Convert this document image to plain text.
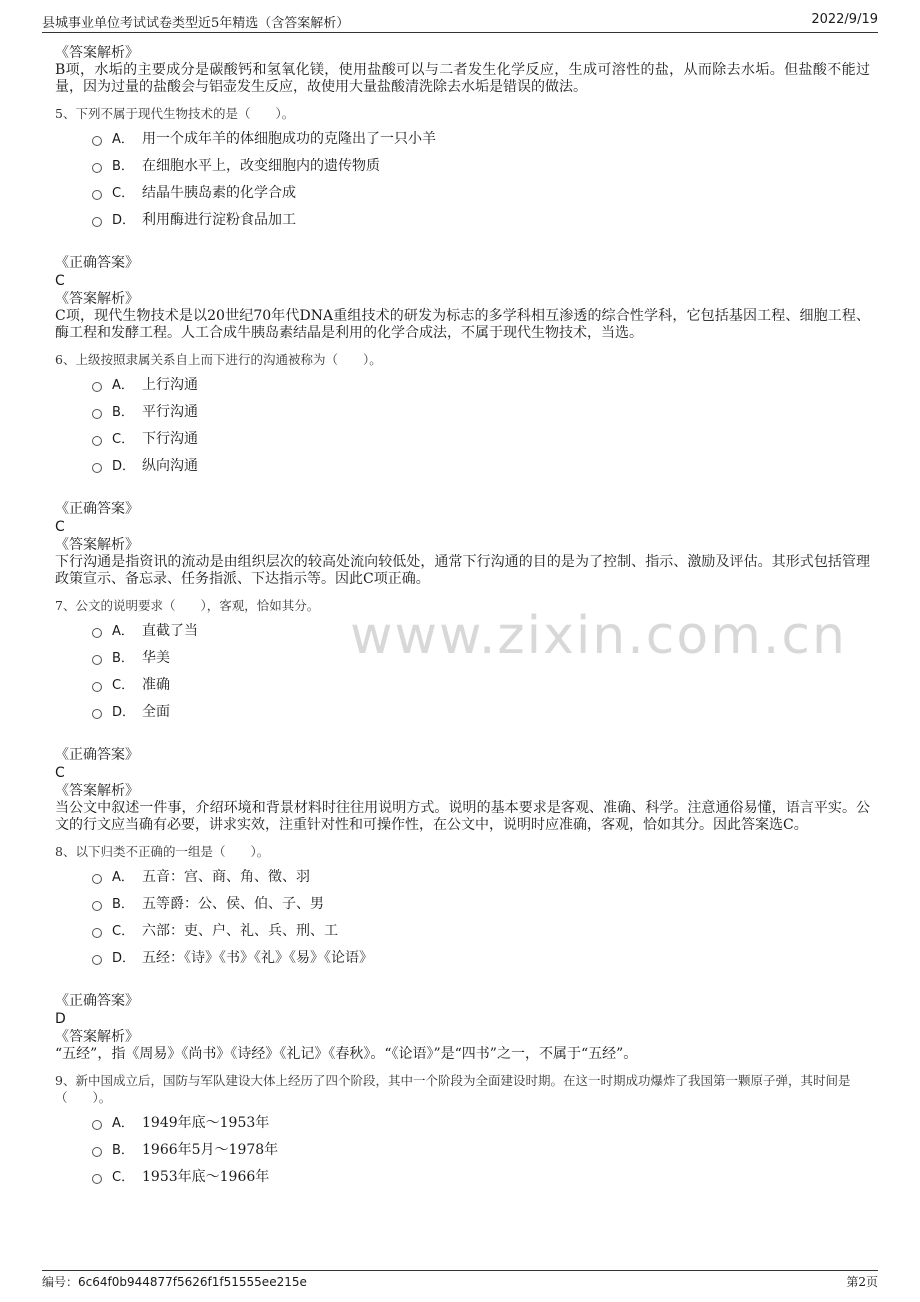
县城事业单位考试试卷类型近5年精选（含答案解析）	2022/9/19
www.zixin.com.cn
《答案解析》
B项，水垢的主要成分是碳酸钙和氢氧化镁，使用盐酸可以与二者发生化学反应，生成可溶性的盐，从而除去水垢。但盐酸不能过量，因为过量的盐酸会与铝壶发生反应，故使用大量盐酸清洗除去水垢是错误的做法。
5、下列不属于现代生物技术的是（　　）。
A． 用一个成年羊的体细胞成功的克隆出了一只小羊
B． 在细胞水平上，改变细胞内的遗传物质
C． 结晶牛胰岛素的化学合成
D． 利用酶进行淀粉食品加工
《正确答案》
C
《答案解析》
C项，现代生物技术是以20世纪70年代DNA重组技术的研发为标志的多学科相互渗透的综合性学科，它包括基因工程、细胞工程、酶工程和发酵工程。人工合成牛胰岛素结晶是利用的化学合成法，不属于现代生物技术，当选。
6、上级按照隶属关系自上而下进行的沟通被称为（　　）。
A． 上行沟通
B． 平行沟通
C． 下行沟通
D． 纵向沟通
《正确答案》
C
《答案解析》
下行沟通是指资讯的流动是由组织层次的较高处流向较低处，通常下行沟通的目的是为了控制、指示、激励及评估。其形式包括管理政策宣示、备忘录、任务指派、下达指示等。因此C项正确。
7、公文的说明要求（　　），客观，恰如其分。
A． 直截了当
B． 华美
C． 准确
D． 全面
《正确答案》
C
《答案解析》
当公文中叙述一件事，介绍环境和背景材料时往往用说明方式。说明的基本要求是客观、准确、科学。注意通俗易懂，语言平实。公文的行文应当确有必要，讲求实效，注重针对性和可操作性，在公文中，说明时应准确，客观，恰如其分。因此答案选C。
8、以下归类不正确的一组是（　　）。
A． 五音：宫、商、角、徵、羽
B． 五等爵：公、侯、伯、子、男
C． 六部：吏、户、礼、兵、刑、工
D． 五经：《诗》《书》《礼》《易》《论语》
《正确答案》
D
《答案解析》
“五经”，指《周易》《尚书》《诗经》《礼记》《春秋》。“《论语》”是“四书”之一，不属于“五经”。
9、新中国成立后，国防与军队建设大体上经历了四个阶段，其中一个阶段为全面建设时期。在这一时期成功爆炸了我国第一颗原子弹，其时间是（　　）。
A． 1949年底～1953年
B． 1966年5月～1978年
C． 1953年底～1966年
编号：6c64f0b944877f5626f1f51555ee215e	第2页
